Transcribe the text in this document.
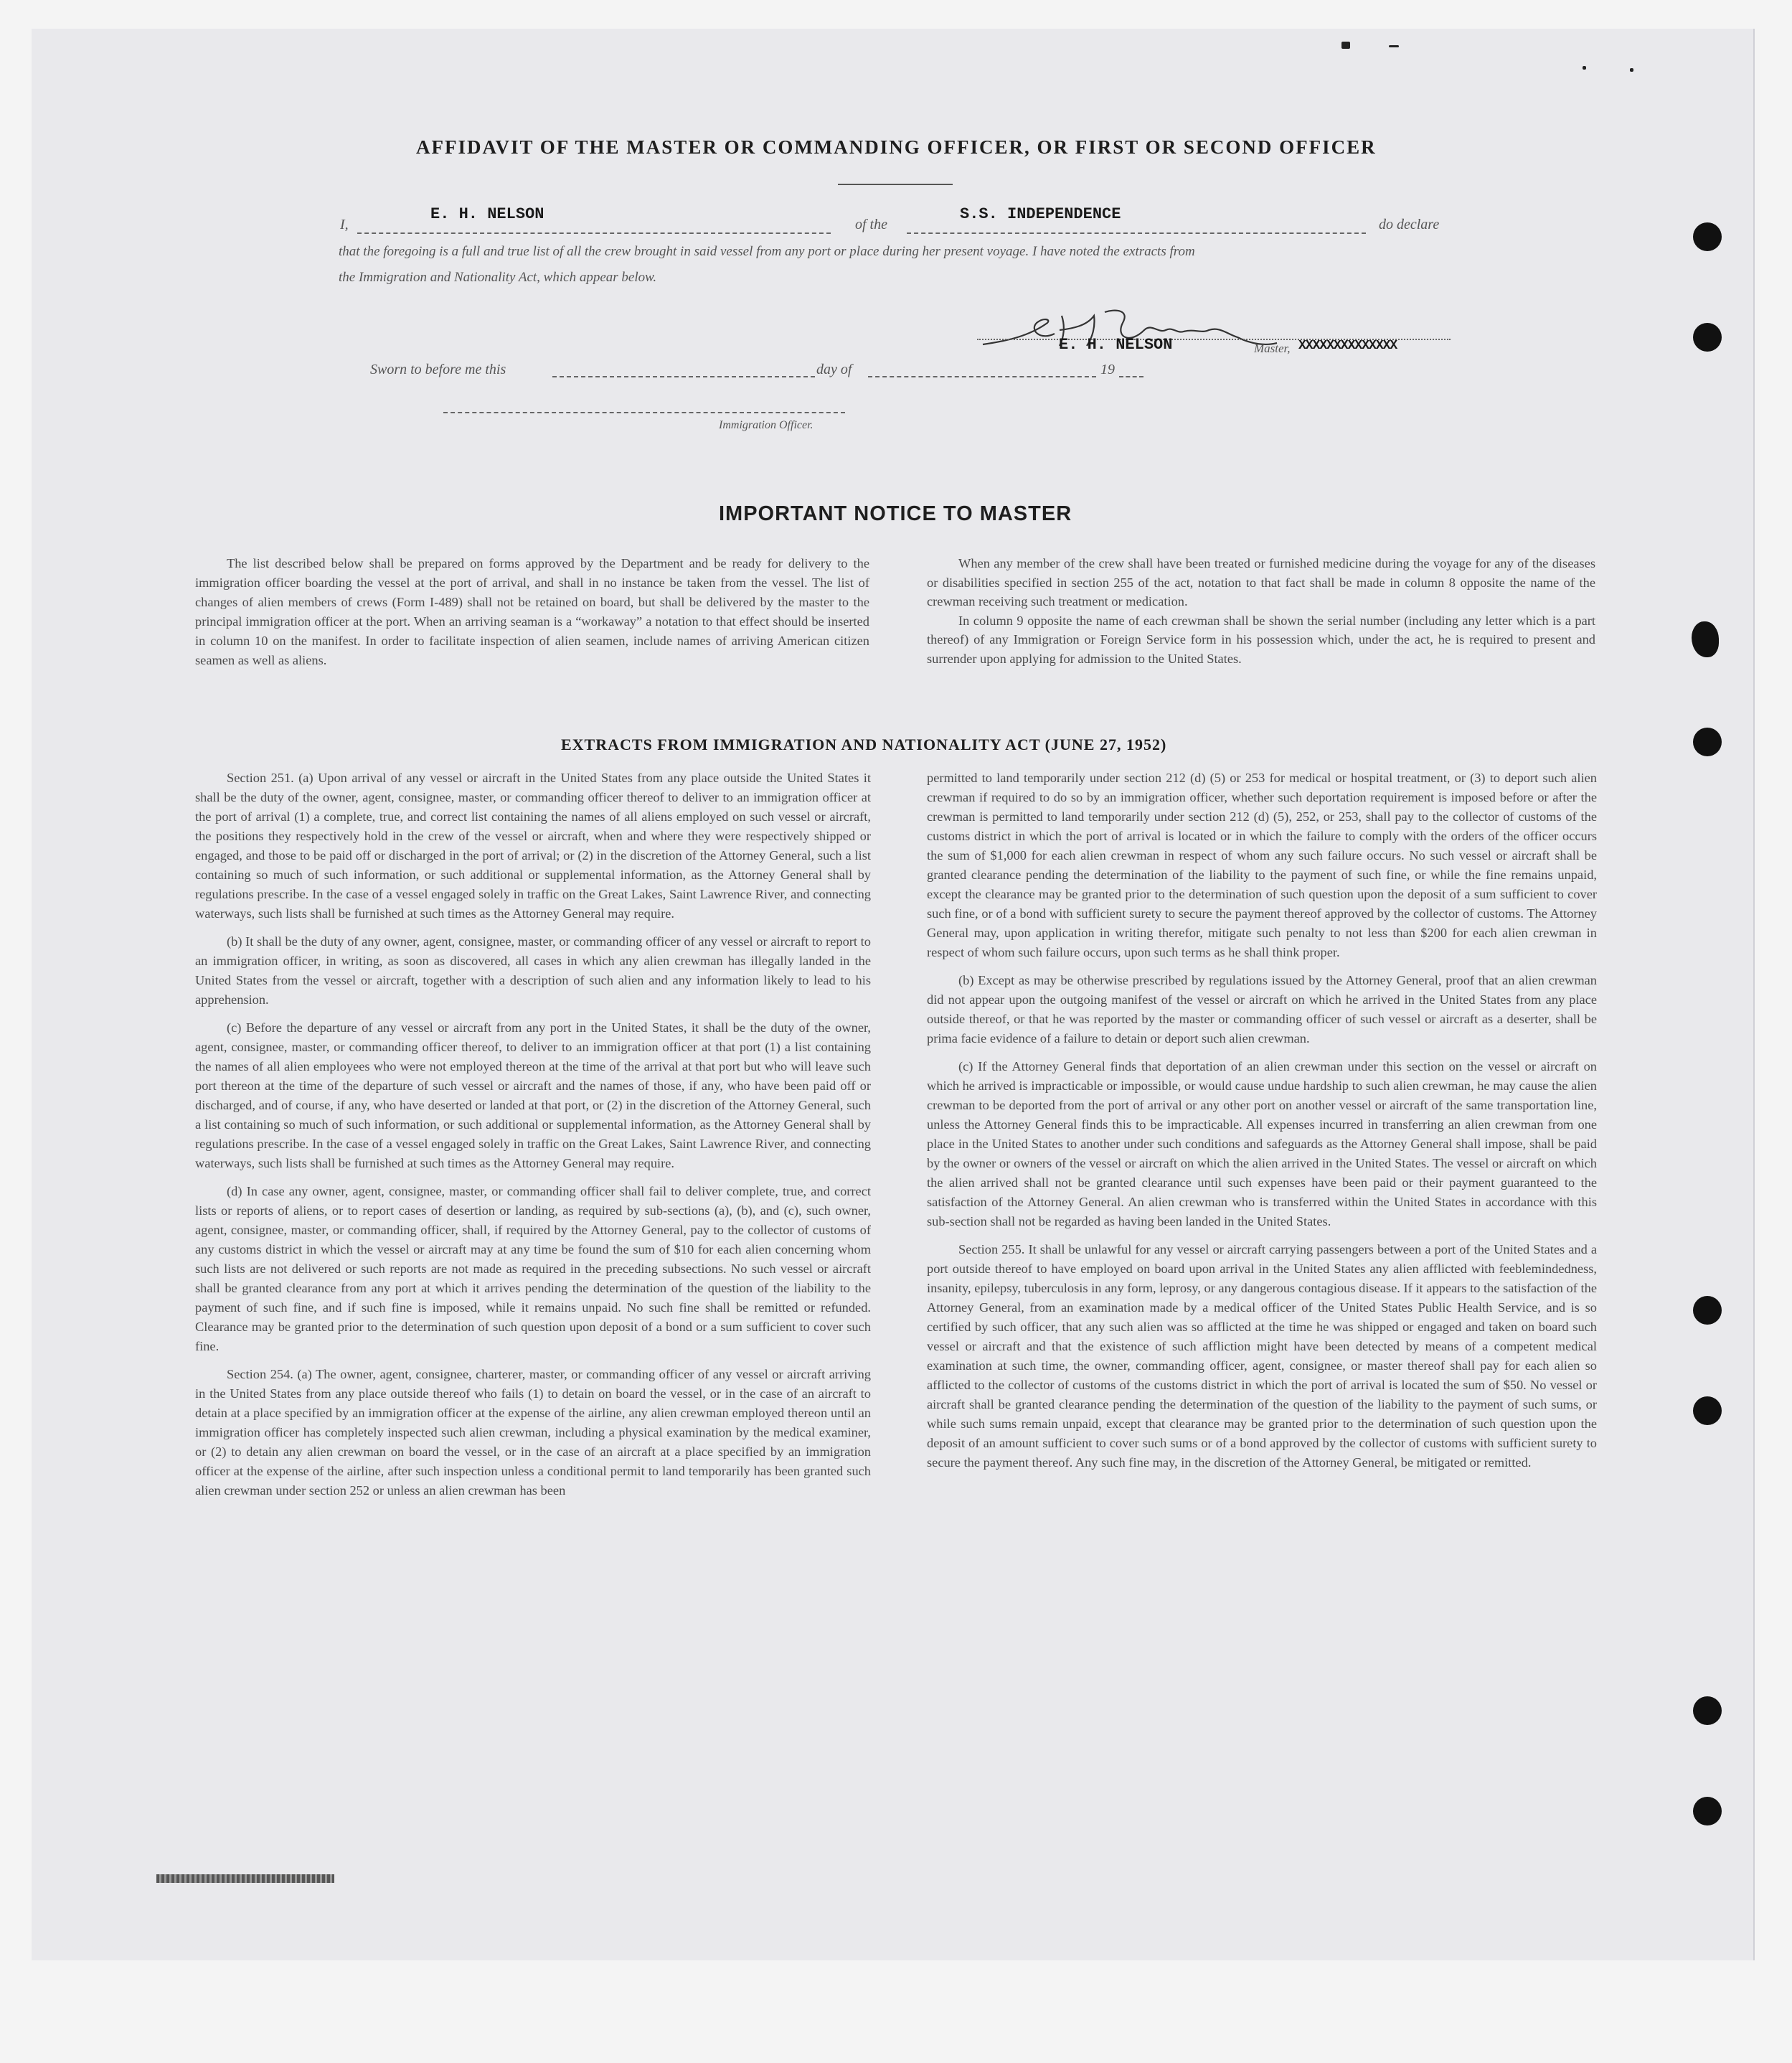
AFFIDAVIT OF THE MASTER OR COMMANDING OFFICER, OR FIRST OR SECOND OFFICER
I,
E. H. NELSON
of the
S.S. INDEPENDENCE
do declare
that the foregoing is a full and true list of all the crew brought in said vessel from any port or place during her present voyage. I have noted the extracts from
the Immigration and Nationality Act, which appear below.
E. H. NELSON	Master, XXXXXXXXXXXXXX
Sworn to before me this	day of	19
Immigration Officer.
IMPORTANT NOTICE TO MASTER

The list described below shall be prepared on forms approved by the Department and be ready for delivery to the immigration officer boarding the vessel at the port of arrival, and shall in no instance be taken from the vessel. The list of changes of alien members of crews (Form I-489) shall not be retained on board, but shall be delivered by the master to the principal immigration officer at the port. When an arriving seaman is a “workaway” a notation to that effect should be inserted in column 10 on the manifest. In order to facilitate inspection of alien seamen, include names of arriving American citizen seamen as well as aliens.

When any member of the crew shall have been treated or furnished medicine during the voyage for any of the diseases or disabilities specified in section 255 of the act, notation to that fact shall be made in column 8 opposite the name of the crewman receiving such treatment or medication.

In column 9 opposite the name of each crewman shall be shown the serial number (including any letter which is a part thereof) of any Immigration or Foreign Service form in his possession which, under the act, he is required to present and surrender upon applying for admission to the United States.

EXTRACTS FROM IMMIGRATION AND NATIONALITY ACT (JUNE 27, 1952)

Section 251. (a) Upon arrival of any vessel or aircraft in the United States from any place outside the United States it shall be the duty of the owner, agent, consignee, master, or commanding officer thereof to deliver to an immigration officer at the port of arrival (1) a complete, true, and correct list containing the names of all aliens employed on such vessel or aircraft, the positions they respectively hold in the crew of the vessel or aircraft, when and where they were respectively shipped or engaged, and those to be paid off or discharged in the port of arrival; or (2) in the discretion of the Attorney General, such a list containing so much of such information, or such additional or supplemental information, as the Attorney General shall by regulations prescribe. In the case of a vessel engaged solely in traffic on the Great Lakes, Saint Lawrence River, and connecting waterways, such lists shall be furnished at such times as the Attorney General may require.

(b) It shall be the duty of any owner, agent, consignee, master, or commanding officer of any vessel or aircraft to report to an immigration officer, in writing, as soon as discovered, all cases in which any alien crewman has illegally landed in the United States from the vessel or aircraft, together with a description of such alien and any information likely to lead to his apprehension.

(c) Before the departure of any vessel or aircraft from any port in the United States, it shall be the duty of the owner, agent, consignee, master, or commanding officer thereof, to deliver to an immigration officer at that port (1) a list containing the names of all alien employees who were not employed thereon at the time of the arrival at that port but who will leave such port thereon at the time of the departure of such vessel or aircraft and the names of those, if any, who have been paid off or discharged, and of course, if any, who have deserted or landed at that port, or (2) in the discretion of the Attorney General, such a list containing so much of such information, or such additional or supplemental information, as the Attorney General shall by regulations prescribe. In the case of a vessel engaged solely in traffic on the Great Lakes, Saint Lawrence River, and connecting waterways, such lists shall be furnished at such times as the Attorney General may require.

(d) In case any owner, agent, consignee, master, or commanding officer shall fail to deliver complete, true, and correct lists or reports of aliens, or to report cases of desertion or landing, as required by sub-sections (a), (b), and (c), such owner, agent, consignee, master, or commanding officer, shall, if required by the Attorney General, pay to the collector of customs of any customs district in which the vessel or aircraft may at any time be found the sum of $10 for each alien concerning whom such lists are not delivered or such reports are not made as required in the preceding subsections. No such vessel or aircraft shall be granted clearance from any port at which it arrives pending the determination of the question of the liability to the payment of such fine, and if such fine is imposed, while it remains unpaid. No such fine shall be remitted or refunded. Clearance may be granted prior to the determination of such question upon deposit of a bond or a sum sufficient to cover such fine.

Section 254. (a) The owner, agent, consignee, charterer, master, or commanding officer of any vessel or aircraft arriving in the United States from any place outside thereof who fails (1) to detain on board the vessel, or in the case of an aircraft to detain at a place specified by an immigration officer at the expense of the airline, any alien crewman employed thereon until an immigration officer has completely inspected such alien crewman, including a physical examination by the medical examiner, or (2) to detain any alien crewman on board the vessel, or in the case of an aircraft at a place specified by an immigration officer at the expense of the airline, after such inspection unless a conditional permit to land temporarily has been granted such alien crewman under section 252 or unless an alien crewman has been

permitted to land temporarily under section 212 (d) (5) or 253 for medical or hospital treatment, or (3) to deport such alien crewman if required to do so by an immigration officer, whether such deportation requirement is imposed before or after the crewman is permitted to land temporarily under section 212 (d) (5), 252, or 253, shall pay to the collector of customs of the customs district in which the port of arrival is located or in which the failure to comply with the orders of the officer occurs the sum of $1,000 for each alien crewman in respect of whom any such failure occurs. No such vessel or aircraft shall be granted clearance pending the determination of the liability to the payment of such fine, or while the fine remains unpaid, except the clearance may be granted prior to the determination of such question upon the deposit of a sum sufficient to cover such fine, or of a bond with sufficient surety to secure the payment thereof approved by the collector of customs. The Attorney General may, upon application in writing therefor, mitigate such penalty to not less than $200 for each alien crewman in respect of whom such failure occurs, upon such terms as he shall think proper.

(b) Except as may be otherwise prescribed by regulations issued by the Attorney General, proof that an alien crewman did not appear upon the outgoing manifest of the vessel or aircraft on which he arrived in the United States from any place outside thereof, or that he was reported by the master or commanding officer of such vessel or aircraft as a deserter, shall be prima facie evidence of a failure to detain or deport such alien crewman.

(c) If the Attorney General finds that deportation of an alien crewman under this section on the vessel or aircraft on which he arrived is impracticable or impossible, or would cause undue hardship to such alien crewman, he may cause the alien crewman to be deported from the port of arrival or any other port on another vessel or aircraft of the same transportation line, unless the Attorney General finds this to be impracticable. All expenses incurred in transferring an alien crewman from one place in the United States to another under such conditions and safeguards as the Attorney General shall impose, shall be paid by the owner or owners of the vessel or aircraft on which the alien arrived in the United States. The vessel or aircraft on which the alien arrived shall not be granted clearance until such expenses have been paid or their payment guaranteed to the satisfaction of the Attorney General. An alien crewman who is transferred within the United States in accordance with this sub-section shall not be regarded as having been landed in the United States.

Section 255. It shall be unlawful for any vessel or aircraft carrying passengers between a port of the United States and a port outside thereof to have employed on board upon arrival in the United States any alien afflicted with feeblemindedness, insanity, epilepsy, tuberculosis in any form, leprosy, or any dangerous contagious disease. If it appears to the satisfaction of the Attorney General, from an examination made by a medical officer of the United States Public Health Service, and is so certified by such officer, that any such alien was so afflicted at the time he was shipped or engaged and taken on board such vessel or aircraft and that the existence of such affliction might have been detected by means of a competent medical examination at such time, the owner, commanding officer, agent, consignee, or master thereof shall pay for each alien so afflicted to the collector of customs of the customs district in which the port of arrival is located the sum of $50. No vessel or aircraft shall be granted clearance pending the determination of the question of the liability to the payment of such sums, or while such sums remain unpaid, except that clearance may be granted prior to the determination of such question upon the deposit of an amount sufficient to cover such sums or of a bond approved by the collector of customs with sufficient surety to secure the payment thereof. Any such fine may, in the discretion of the Attorney General, be mitigated or remitted.
